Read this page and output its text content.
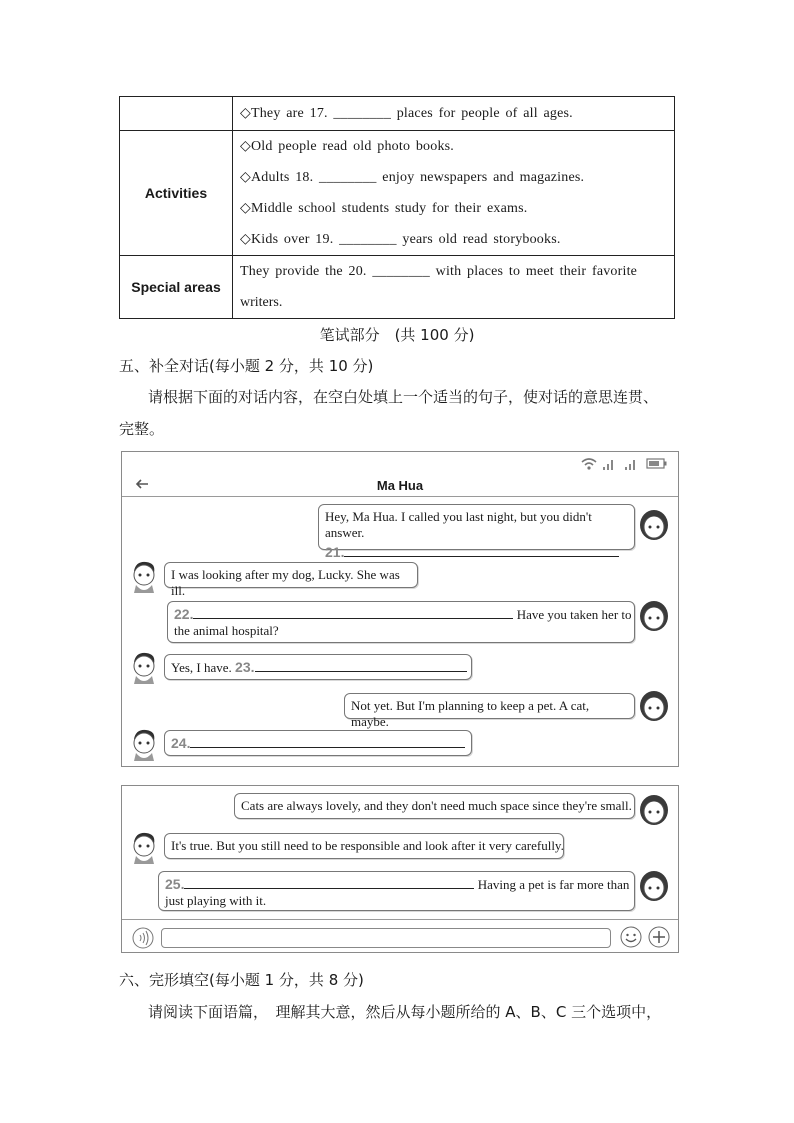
	◇They are 17. ________ places for people of all ages.

Activities	◇Old people read old photo books.
◇Adults 18. ________ enjoy newspapers and magazines.
◇Middle school students study for their exams.
◇Kids over 19. ________ years old read storybooks.

Special areas	They provide the 20. ________ with places to meet their favorite
writers.
笔试部分　(共 100 分)
五、补全对话(每小题 2 分，共 10 分)
请根据下面的对话内容，在空白处填上一个适当的句子，使对话的意思连贯、
完整。
Ma Hua
Hey, Ma Hua. I called you last night, but you didn't answer.
21.
I was looking after my dog, Lucky. She was ill.
22.	Have you taken her to
the animal hospital?
Yes, I have. 23.
Not yet. But I'm planning to keep a pet. A cat, maybe.
24.
Cats are always lovely, and they don't need much space since they're small.
It's true. But you still need to be responsible and look after it very carefully.
25.	Having a pet is far more than
just playing with it.
六、完形填空(每小题 1 分，共 8 分)
请阅读下面语篇，　理解其大意，然后从每小题所给的 A、B、C 三个选项中，
